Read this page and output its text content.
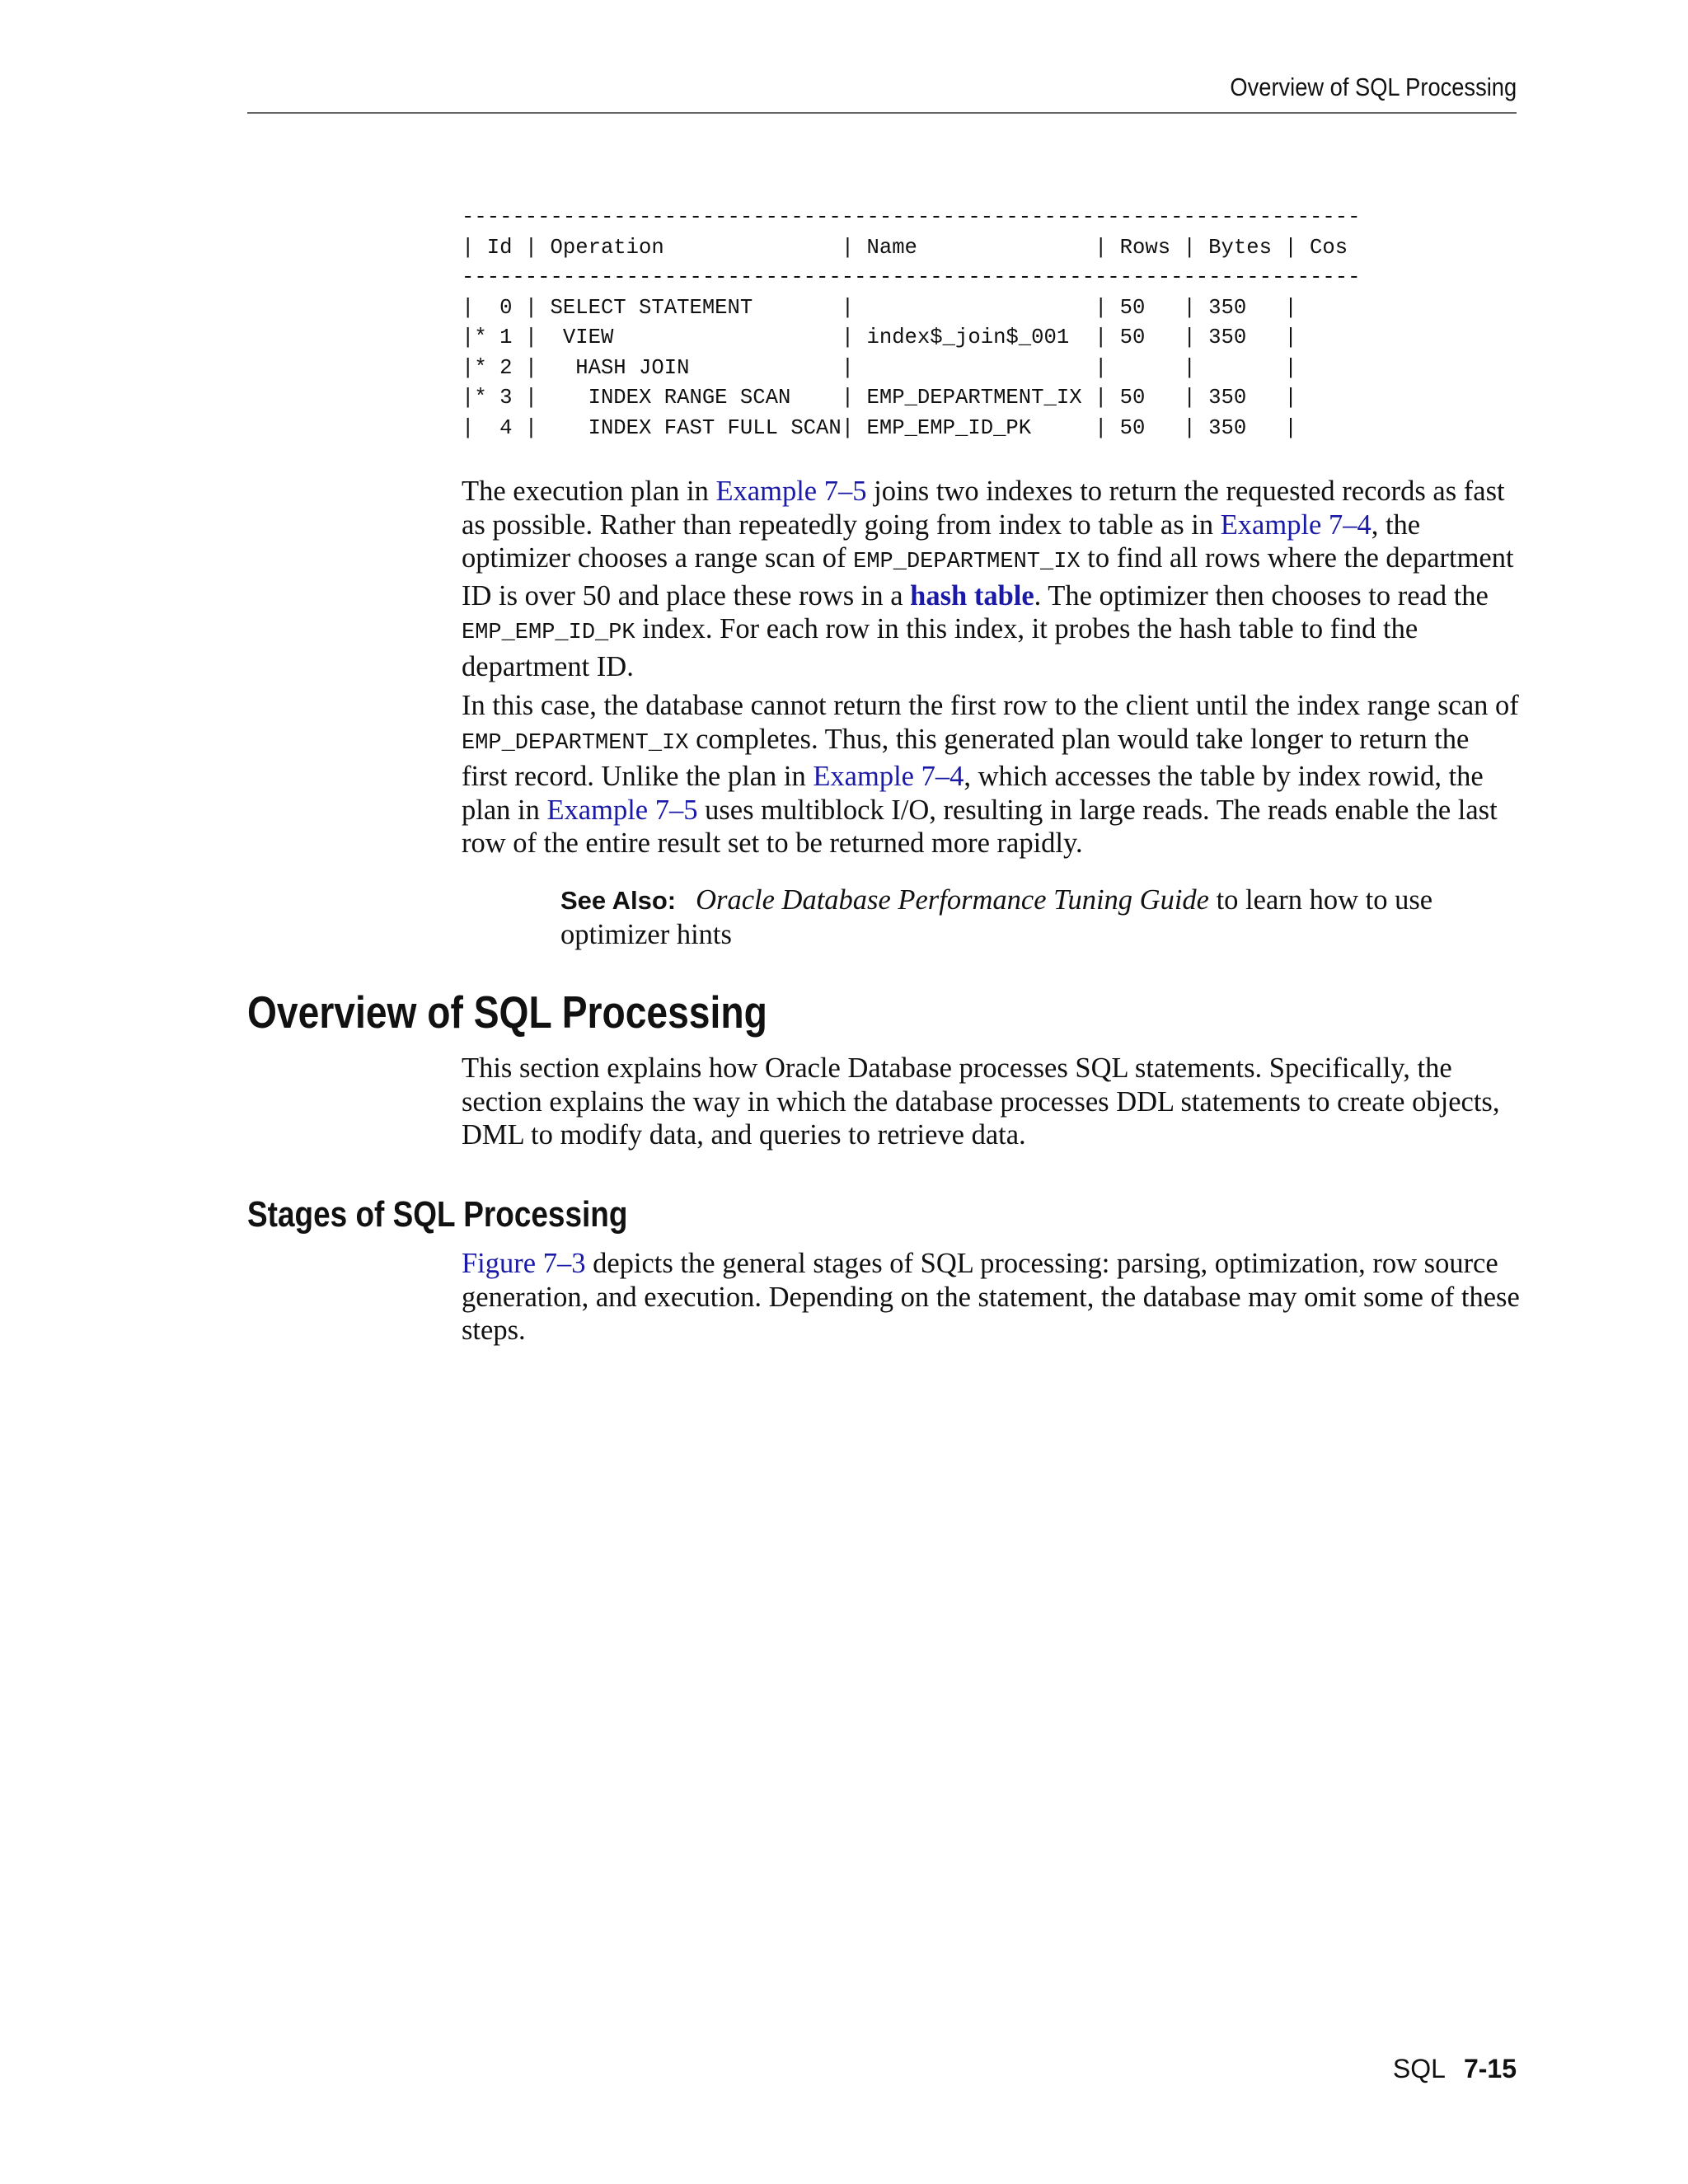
Overview of SQL Processing
-----------------------------------------------------------------------
| Id | Operation              | Name              | Rows | Bytes | Cos
-----------------------------------------------------------------------
|  0 | SELECT STATEMENT       |                   | 50   | 350   |
|* 1 |  VIEW                  | index$_join$_001  | 50   | 350   |
|* 2 |   HASH JOIN            |                   |      |       |
|* 3 |    INDEX RANGE SCAN    | EMP_DEPARTMENT_IX | 50   | 350   |
|  4 |    INDEX FAST FULL SCAN| EMP_EMP_ID_PK     | 50   | 350   |

The execution plan in Example 7–5 joins two indexes to return the requested records as fast as possible. Rather than repeatedly going from index to table as in Example 7–4, the optimizer chooses a range scan of EMP_DEPARTMENT_IX to find all rows where the department ID is over 50 and place these rows in a hash table. The optimizer then chooses to read the EMP_EMP_ID_PK index. For each row in this index, it probes the hash table to find the department ID.

In this case, the database cannot return the first row to the client until the index range scan of EMP_DEPARTMENT_IX completes. Thus, this generated plan would take longer to return the first record. Unlike the plan in Example 7–4, which accesses the table by index rowid, the plan in Example 7–5 uses multiblock I/O, resulting in large reads. The reads enable the last row of the entire result set to be returned more rapidly.

See Also: Oracle Database Performance Tuning Guide to learn how to use optimizer hints

Overview of SQL Processing

This section explains how Oracle Database processes SQL statements. Specifically, the section explains the way in which the database processes DDL statements to create objects, DML to modify data, and queries to retrieve data.

Stages of SQL Processing

Figure 7–3 depicts the general stages of SQL processing: parsing, optimization, row source generation, and execution. Depending on the statement, the database may omit some of these steps.

SQL 7-15
